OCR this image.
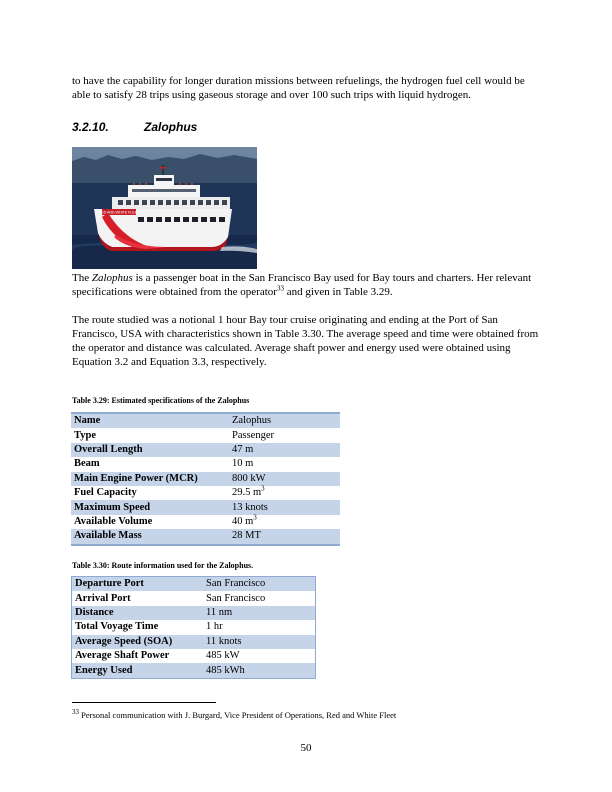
to have the capability for longer duration missions between refuelings, the hydrogen fuel cell would be able to satisfy 28 trips using gaseous storage and over 100 such trips with liquid hydrogen.
3.2.10.	Zalophus
RED AND WHITE FLEET
The Zalophus is a passenger boat in the San Francisco Bay used for Bay tours and charters. Her relevant specifications were obtained from the operator$^{33}$ and given in Table 3.29.
The route studied was a notional 1 hour Bay tour cruise originating and ending at the Port of San Francisco, USA with characteristics shown in Table 3.30. The average speed and time were obtained from the operator and distance was calculated. Average shaft power and energy used were obtained using Equation 3.2 and Equation 3.3, respectively.
Table 3.29: Estimated specifications of the Zalophus
Name	Zalophus
Type	Passenger
Overall Length	47 m
Beam	10 m
Main Engine Power (MCR)	800 kW
Fuel Capacity	29.5 $m^3$
Maximum Speed	13 knots
Available Volume	40 $m^3$
Available Mass	28 MT
Table 3.30: Route information used for the Zalophus.
Departure Port	San Francisco
Arrival Port	San Francisco
Distance	11 nm
Total Voyage Time	1 hr
Average Speed (SOA)	11 knots
Average Shaft Power	485 kW
Energy Used	485 kWh
$^{33}$ Personal communication with J. Burgard, Vice President of Operations, Red and White Fleet
50
